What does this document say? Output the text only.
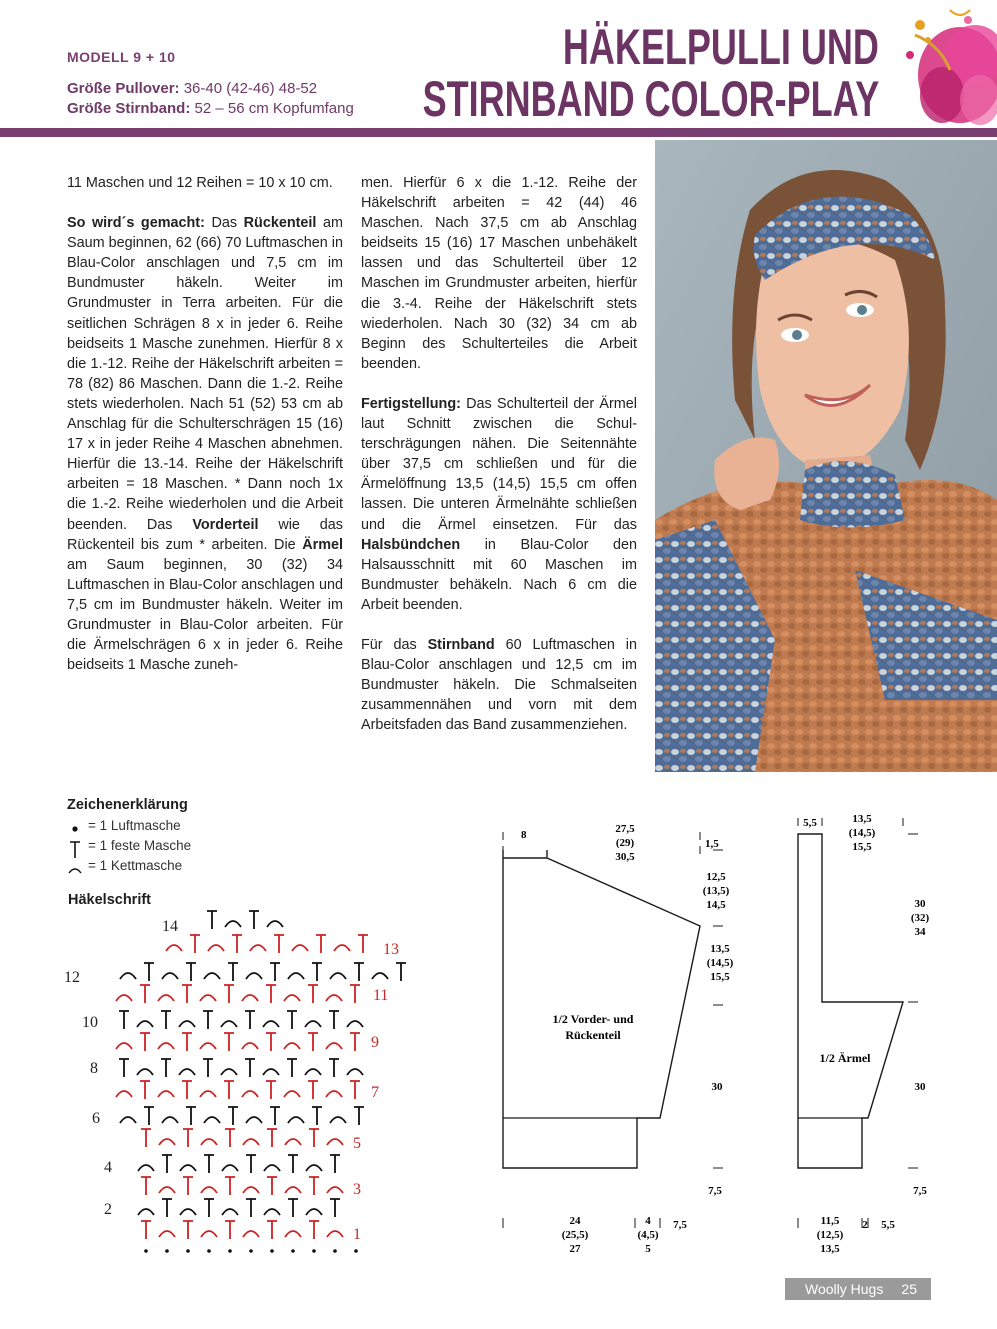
MODELL 9 + 10
Größe Pullover: 36-40 (42-46) 48-52
Größe Stirnband: 52 – 56 cm Kopfumfang
HÄKELPULLI UND
STIRNBAND COLOR-PLAY

11 Maschen und 12 Reihen = 10 x 10 cm.

So wird´s gemacht: Das Rückenteil am Saum beginnen, 62 (66) 70 Luftmaschen in Blau-Color anschlagen und 7,5 cm im Bundmuster häkeln. Weiter im Grundmuster in Terra arbeiten. Für die seitlichen Schrägen 8 x in jeder 6. Reihe beidseits 1 Masche zunehmen. Hierfür 8 x die 1.-12. Reihe der Häkelschrift arbeiten = 78 (82) 86 Maschen. Dann die 1.-2. Reihe stets wiederholen. Nach 51 (52) 53 cm ab Anschlag für die Schulterschrägen 15 (16) 17 x in jeder Reihe 4 Maschen abnehmen. Hierfür die 13.-14. Reihe der Häkelschrift arbeiten = 18 Maschen. * Dann noch 1x die 1.-2. Reihe wiederholen und die Arbeit beenden. Das Vorderteil wie das Rückenteil bis zum * arbeiten. Die Ärmel am Saum beginnen, 30 (32) 34 Luftmaschen in Blau-Color anschlagen und 7,5 cm im Bundmuster häkeln. Weiter im Grundmuster in Blau-Color arbeiten. Für die Ärmelschrägen 6 x in jeder 6. Reihe beidseits 1 Masche zuneh-

men. Hierfür 6 x die 1.-12. Reihe der Häkelschrift arbeiten = 42 (44) 46 Maschen. Nach 37,5 cm ab Anschlag beidseits 15 (16) 17 Maschen unbehäkelt lassen und das Schulterteil über 12 Maschen im Grundmuster arbeiten, hierfür die 3.-4. Reihe der Häkelschrift stets wiederholen. Nach 30 (32) 34 cm ab Beginn des Schulterteiles die Arbeit beenden.

Fertigstellung: Das Schulterteil der Ärmel laut Schnitt zwischen die Schulterschrägungen nähen. Die Seitennähte über 37,5 cm schließen und für die Ärmelöffnung 13,5 (14,5) 15,5 cm offen lassen. Die unteren Ärmelnähte schließen und die Ärmel einsetzen. Für das Halsbündchen in Blau-Color den Halsausschnitt mit 60 Maschen im Bundmuster behäkeln. Nach 6 cm die Arbeit beenden.

Für das Stirnband 60 Luftmaschen in Blau-Color anschlagen und 12,5 cm im Bundmuster häkeln. Die Schmalseiten zusammennähen und vorn mit dem Arbeitsfaden das Band zusammenziehen.

Zeichenerklärung
= 1 Luftmasche
= 1 feste Masche
= 1 Kettmasche
Häkelschrift
14
13
12
11
10
9
8
7
6
5
4
3
2
1
1/2 Vorder- und
Rückenteil
8	27,5
(29)
30,5
1,5
12,5
(13,5)
14,5
13,5
(14,5)
15,5
30
7,5
24
(25,5)
27
4
(4,5)
5
7,5
1/2 Ärmel
5,5	13,5
(14,5)
15,5
30
(32)
34
30
7,5
11,5
(12,5)
13,5
2 5,5
Woolly Hugs 25
